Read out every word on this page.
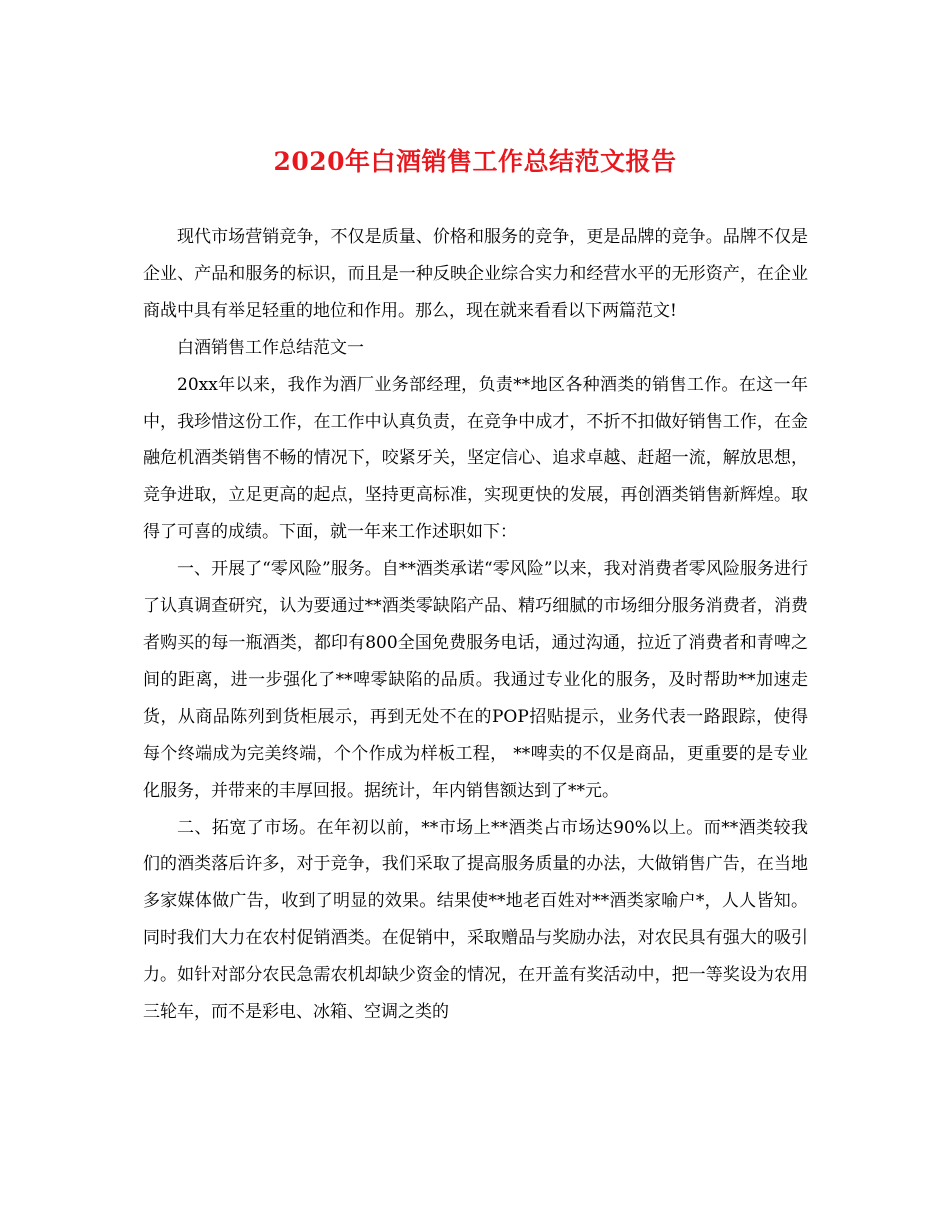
2020年白酒销售工作总结范文报告

现代市场营销竞争，不仅是质量、价格和服务的竞争，更是品牌的竞争。品牌不仅是企业、产品和服务的标识，而且是一种反映企业综合实力和经营水平的无形资产，在企业商战中具有举足轻重的地位和作用。那么，现在就来看看以下两篇范文!

白酒销售工作总结范文一

20xx年以来，我作为酒厂业务部经理，负责**地区各种酒类的销售工作。在这一年中，我珍惜这份工作，在工作中认真负责，在竞争中成才，不折不扣做好销售工作，在金融危机酒类销售不畅的情况下，咬紧牙关，坚定信心、追求卓越、赶超一流，解放思想，竞争进取，立足更高的起点，坚持更高标准，实现更快的发展，再创酒类销售新辉煌。取得了可喜的成绩。下面，就一年来工作述职如下：

一、开展了“零风险”服务。自**酒类承诺“零风险”以来，我对消费者零风险服务进行了认真调查研究，认为要通过**酒类零缺陷产品、精巧细腻的市场细分服务消费者，消费者购买的每一瓶酒类，都印有800全国免费服务电话，通过沟通，拉近了消费者和青啤之间的距离，进一步强化了**啤零缺陷的品质。我通过专业化的服务，及时帮助**加速走货，从商品陈列到货柜展示，再到无处不在的POP招贴提示，业务代表一路跟踪，使得每个终端成为完美终端，个个作成为样板工程， **啤卖的不仅是商品，更重要的是专业化服务，并带来的丰厚回报。据统计，年内销售额达到了**元。

二、拓宽了市场。在年初以前，**市场上**酒类占市场达90%以上。而**酒类较我们的酒类落后许多，对于竞争，我们采取了提高服务质量的办法，大做销售广告，在当地多家媒体做广告，收到了明显的效果。结果使**地老百姓对**酒类家喻户*，人人皆知。同时我们大力在农村促销酒类。在促销中，采取赠品与奖励办法，对农民具有强大的吸引力。如针对部分农民急需农机却缺少资金的情况，在开盖有奖活动中，把一等奖设为农用三轮车，而不是彩电、冰箱、空调之类的
